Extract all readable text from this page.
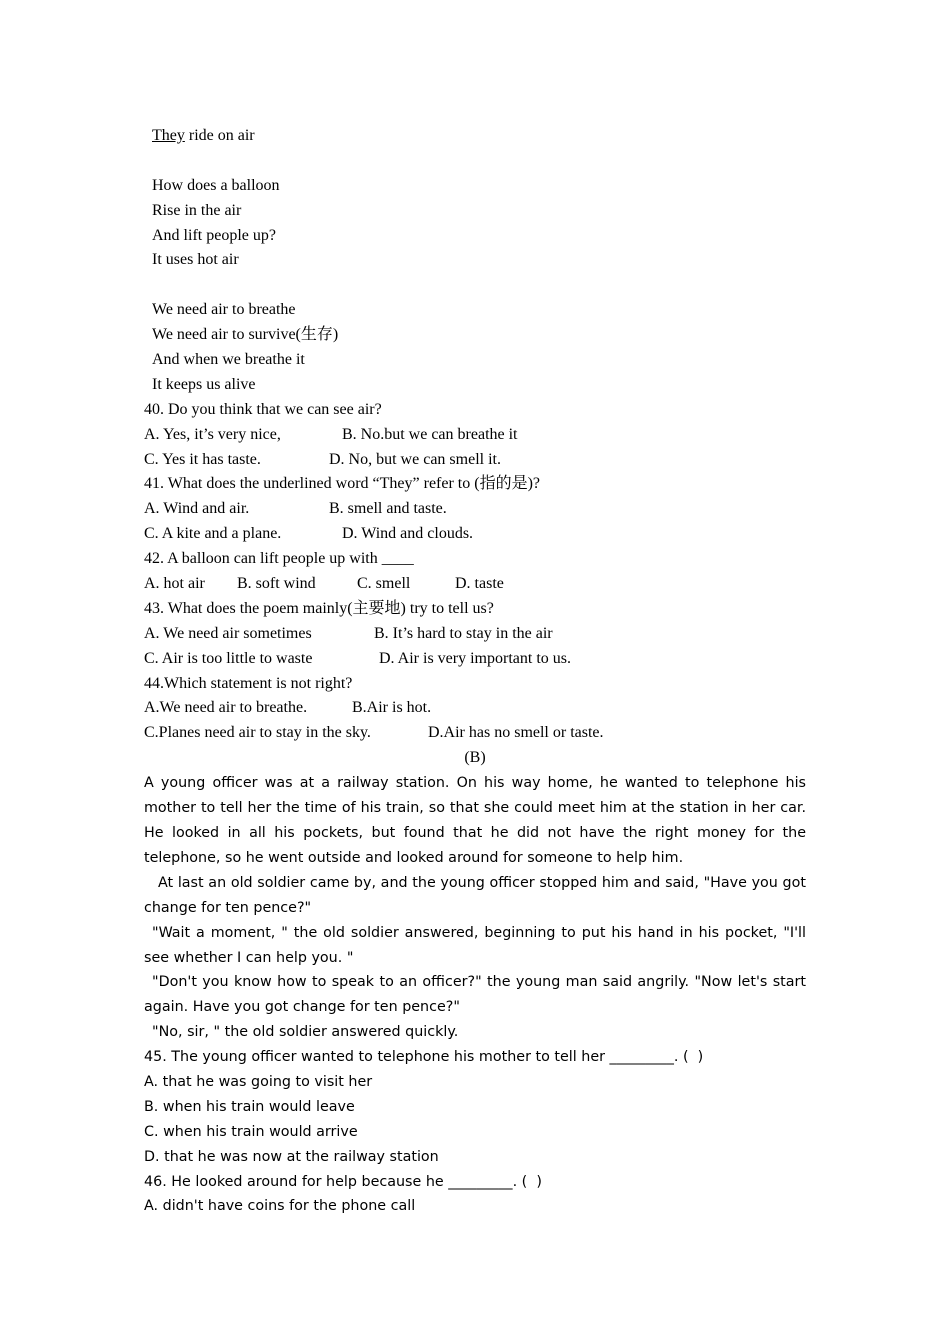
They ride on air
How does a balloon
Rise in the air
And lift people up?
It uses hot air
We need air to breathe
We need air to survive(生存)
And when we breathe it
It keeps us alive
40. Do you think that we can see air?
A. Yes, it’s very nice,	B. No.but we can breathe it
C. Yes it has taste.	D. No, but we can smell it.
41. What does the underlined word “They” refer to (指的是)?
A. Wind and air.	B. smell and taste.
C. A kite and a plane.	D. Wind and clouds.
42. A balloon can lift people up with ____
A. hot air B. soft wind	C. smell	D. taste
43. What does the poem mainly(主要地) try to tell us?
A. We need air sometimes	B. It’s hard to stay in the air
C. Air is too little to waste	D. Air is very important to us.
44.Which statement is not right?
A.We need air to breathe.	B.Air is hot.
C.Planes need air to stay in the sky.	D.Air has no smell or taste.
(B)
A young officer was at a railway station. On his way home, he wanted to telephone his mother to tell her the time of his train, so that she could meet him at the station in her car. He looked in all his pockets, but found that he did not have the right money for the telephone, so he went outside and looked around for someone to help him.
At last an old soldier came by, and the young officer stopped him and said, "Have you got change for ten pence?"
"Wait a moment, " the old soldier answered, beginning to put his hand in his pocket, "I'll see whether I can help you. "
"Don't you know how to speak to an officer?" the young man said angrily. "Now let's start again. Have you got change for ten pence?"
"No, sir, " the old soldier answered quickly.
45. The young officer wanted to telephone his mother to tell her _________. (  )
A. that he was going to visit her
B. when his train would leave
C. when his train would arrive
D. that he was now at the railway station
46. He looked around for help because he _________. (  )
A. didn't have coins for the phone call
